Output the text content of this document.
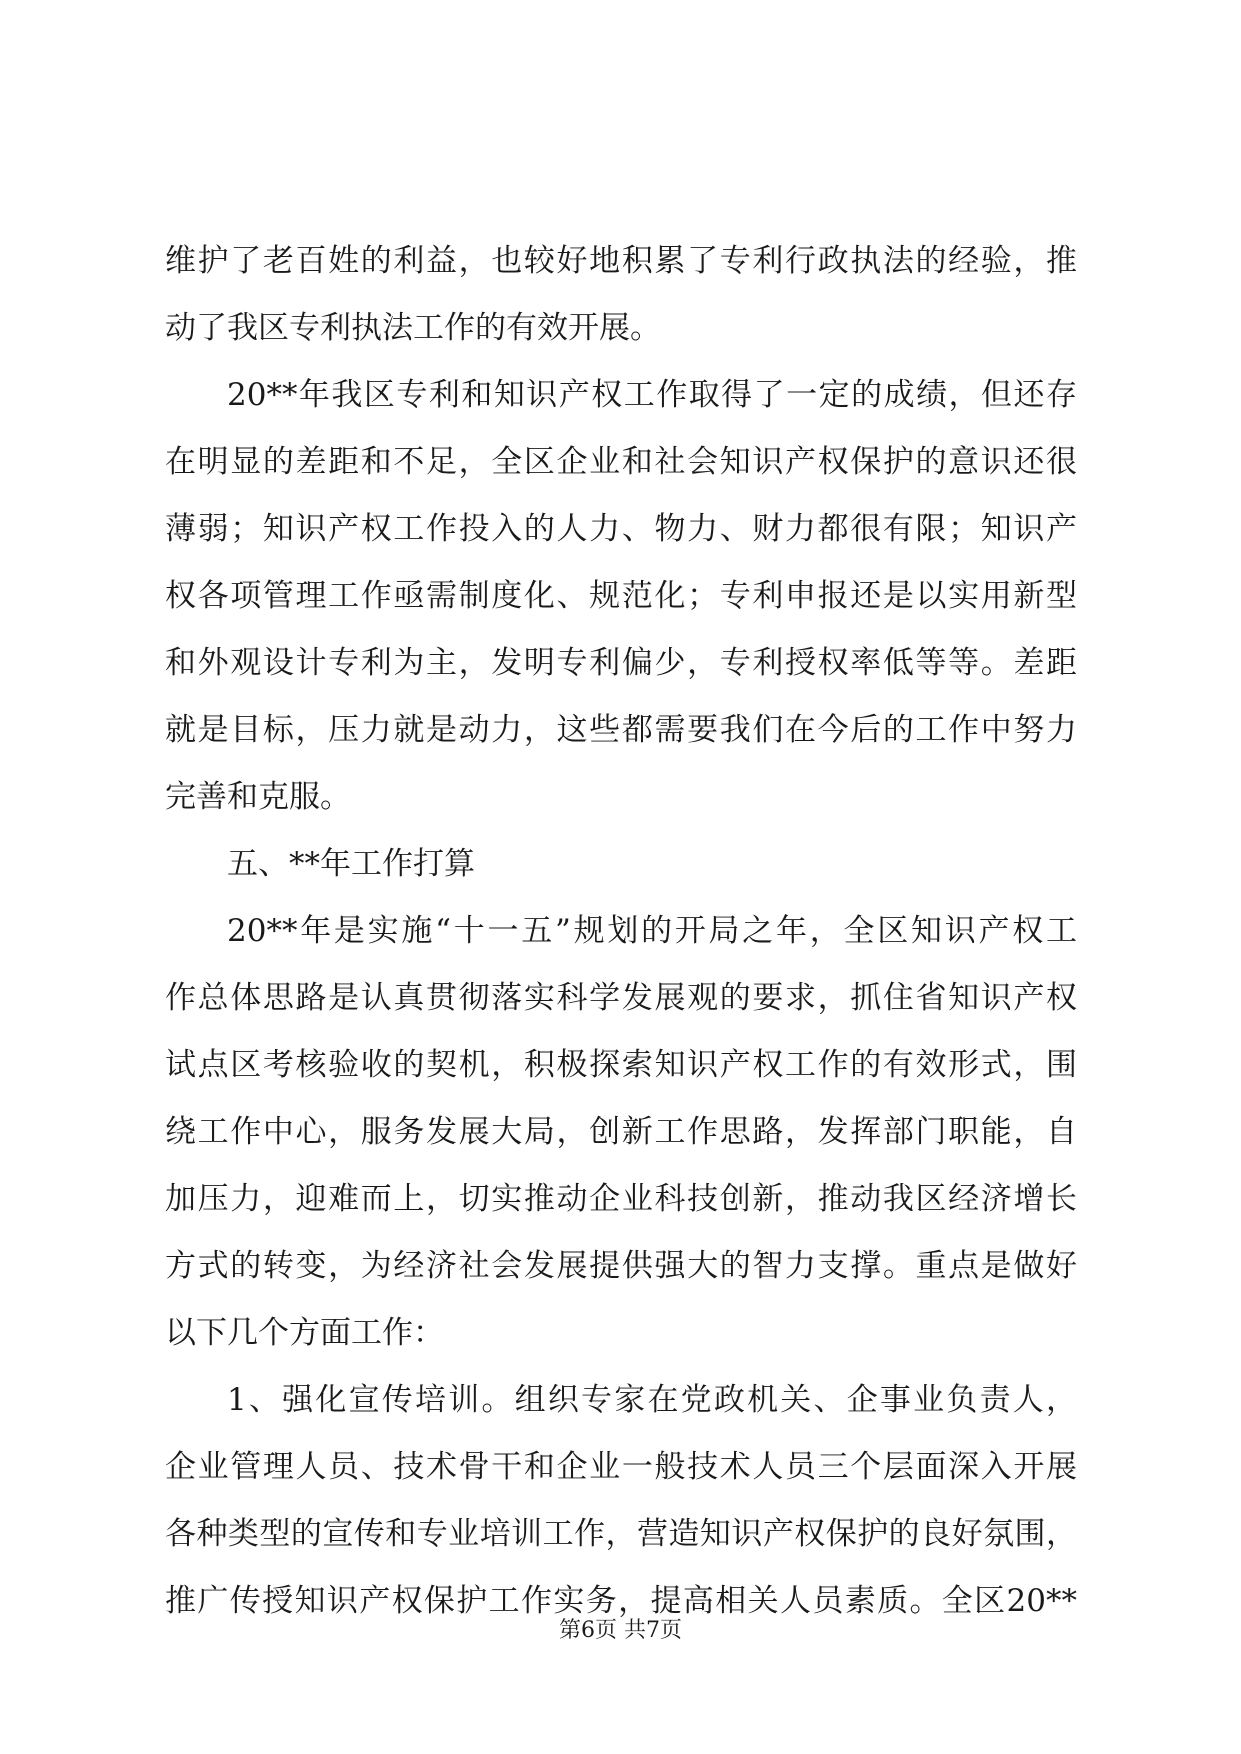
维护了老百姓的利益，也较好地积累了专利行政执法的经验，推

动了我区专利执法工作的有效开展。

20**年我区专利和知识产权工作取得了一定的成绩，但还存

在明显的差距和不足，全区企业和社会知识产权保护的意识还很

薄弱；知识产权工作投入的人力、物力、财力都很有限；知识产

权各项管理工作亟需制度化、规范化；专利申报还是以实用新型

和外观设计专利为主，发明专利偏少，专利授权率低等等。差距

就是目标，压力就是动力，这些都需要我们在今后的工作中努力

完善和克服。

五、**年工作打算

20**年是实施“十一五”规划的开局之年，全区知识产权工

作总体思路是认真贯彻落实科学发展观的要求，抓住省知识产权

试点区考核验收的契机，积极探索知识产权工作的有效形式，围

绕工作中心，服务发展大局，创新工作思路，发挥部门职能，自

加压力，迎难而上，切实推动企业科技创新，推动我区经济增长

方式的转变，为经济社会发展提供强大的智力支撑。重点是做好

以下几个方面工作：

1、强化宣传培训。组织专家在党政机关、企事业负责人，

企业管理人员、技术骨干和企业一般技术人员三个层面深入开展

各种类型的宣传和专业培训工作，营造知识产权保护的良好氛围，

推广传授知识产权保护工作实务，提高相关人员素质。全区20**

第6页 共7页
